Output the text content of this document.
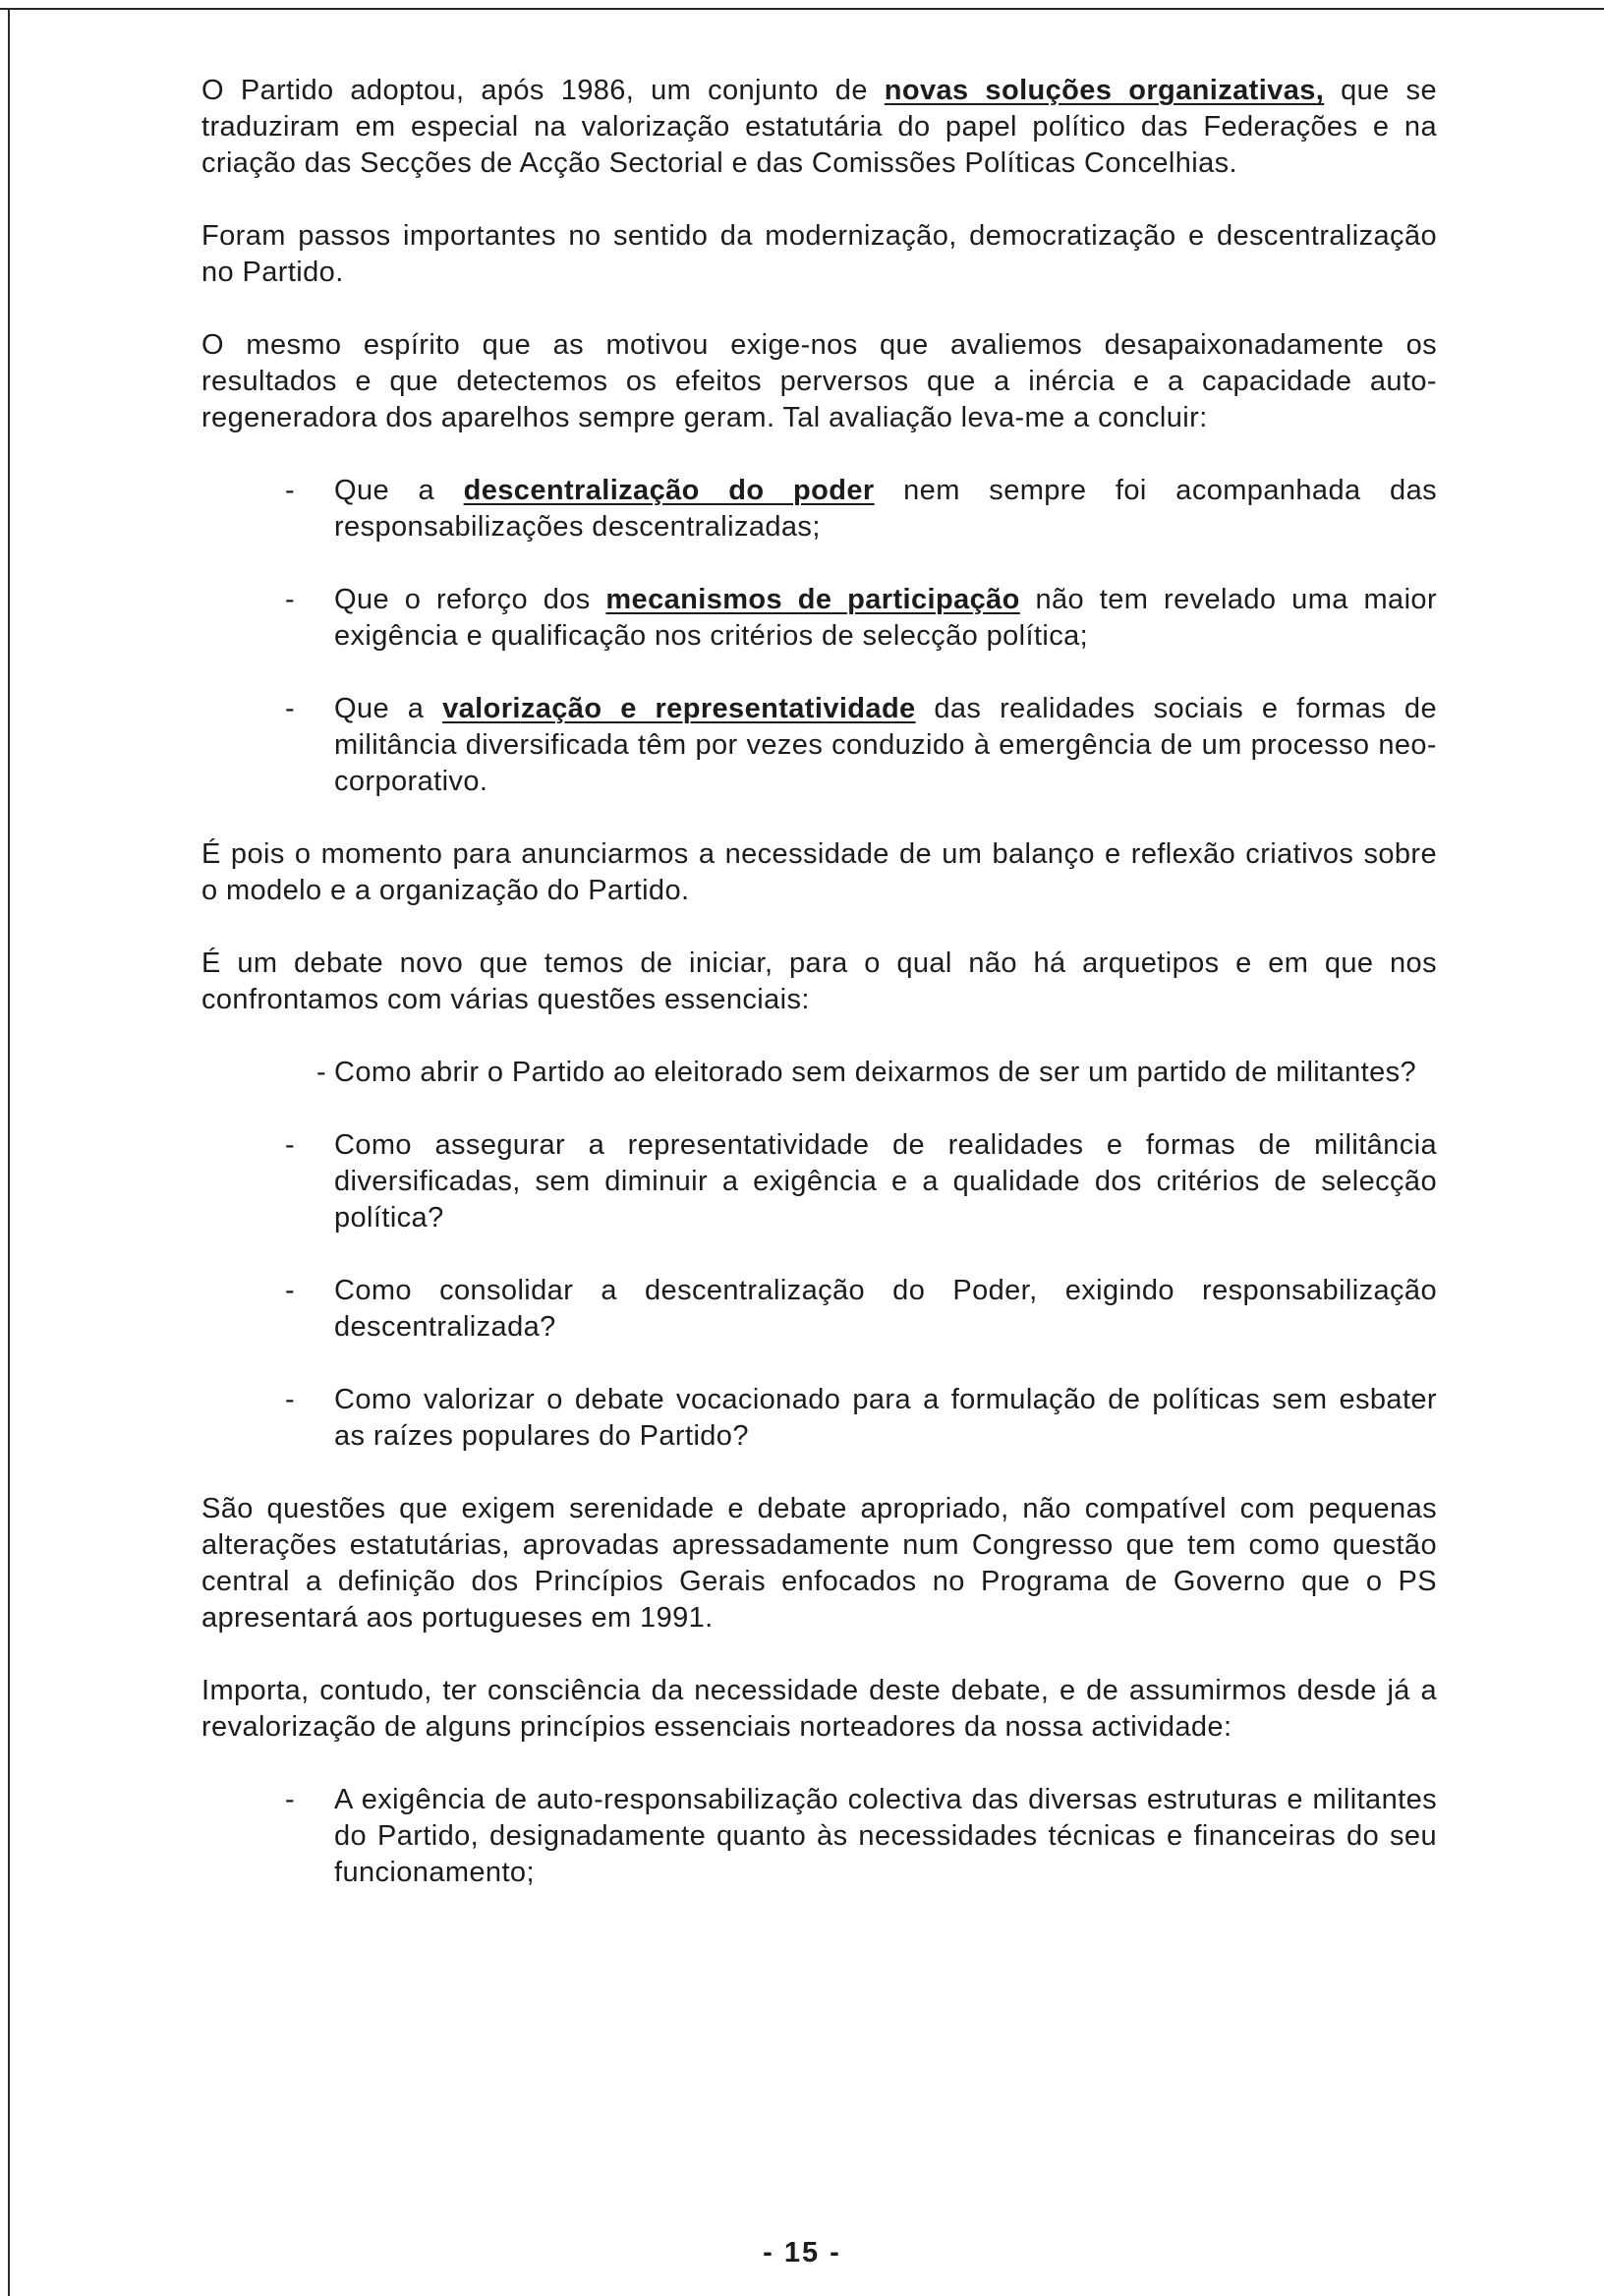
O Partido adoptou, após 1986, um conjunto de novas soluções organizativas, que se traduziram em especial na valorização estatutária do papel político das Federações e na criação das Secções de Acção Sectorial e das Comissões Políticas Concelhias.

Foram passos importantes no sentido da modernização, democratização e descentralização no Partido.

O mesmo espírito que as motivou exige-nos que avaliemos desapaixonadamente os resultados e que detectemos os efeitos perversos que a inércia e a capacidade auto-regeneradora dos aparelhos sempre geram. Tal avaliação leva-me a concluir:

- Que a descentralização do poder nem sempre foi acompanhada das responsabilizações descentralizadas;
- Que o reforço dos mecanismos de participação não tem revelado uma maior exigência e qualificação nos critérios de selecção política;
- Que a valorização e representatividade das realidades sociais e formas de militância diversificada têm por vezes conduzido à emergência de um processo neo-corporativo.

É pois o momento para anunciarmos a necessidade de um balanço e reflexão criativos sobre o modelo e a organização do Partido.

É um debate novo que temos de iniciar, para o qual não há arquetipos e em que nos confrontamos com várias questões essenciais:

- Como abrir o Partido ao eleitorado sem deixarmos de ser um partido de militantes?
- Como assegurar a representatividade de realidades e formas de militância diversificadas, sem diminuir a exigência e a qualidade dos critérios de selecção política?
- Como consolidar a descentralização do Poder, exigindo responsabilização descentralizada?
- Como valorizar o debate vocacionado para a formulação de políticas sem esbater as raízes populares do Partido?

São questões que exigem serenidade e debate apropriado, não compatível com pequenas alterações estatutárias, aprovadas apressadamente num Congresso que tem como questão central a definição dos Princípios Gerais enfocados no Programa de Governo que o PS apresentará aos portugueses em 1991.

Importa, contudo, ter consciência da necessidade deste debate, e de assumirmos desde já a revalorização de alguns princípios essenciais norteadores da nossa actividade:

- A exigência de auto-responsabilização colectiva das diversas estruturas e militantes do Partido, designadamente quanto às necessidades técnicas e financeiras do seu funcionamento;
- 15 -
